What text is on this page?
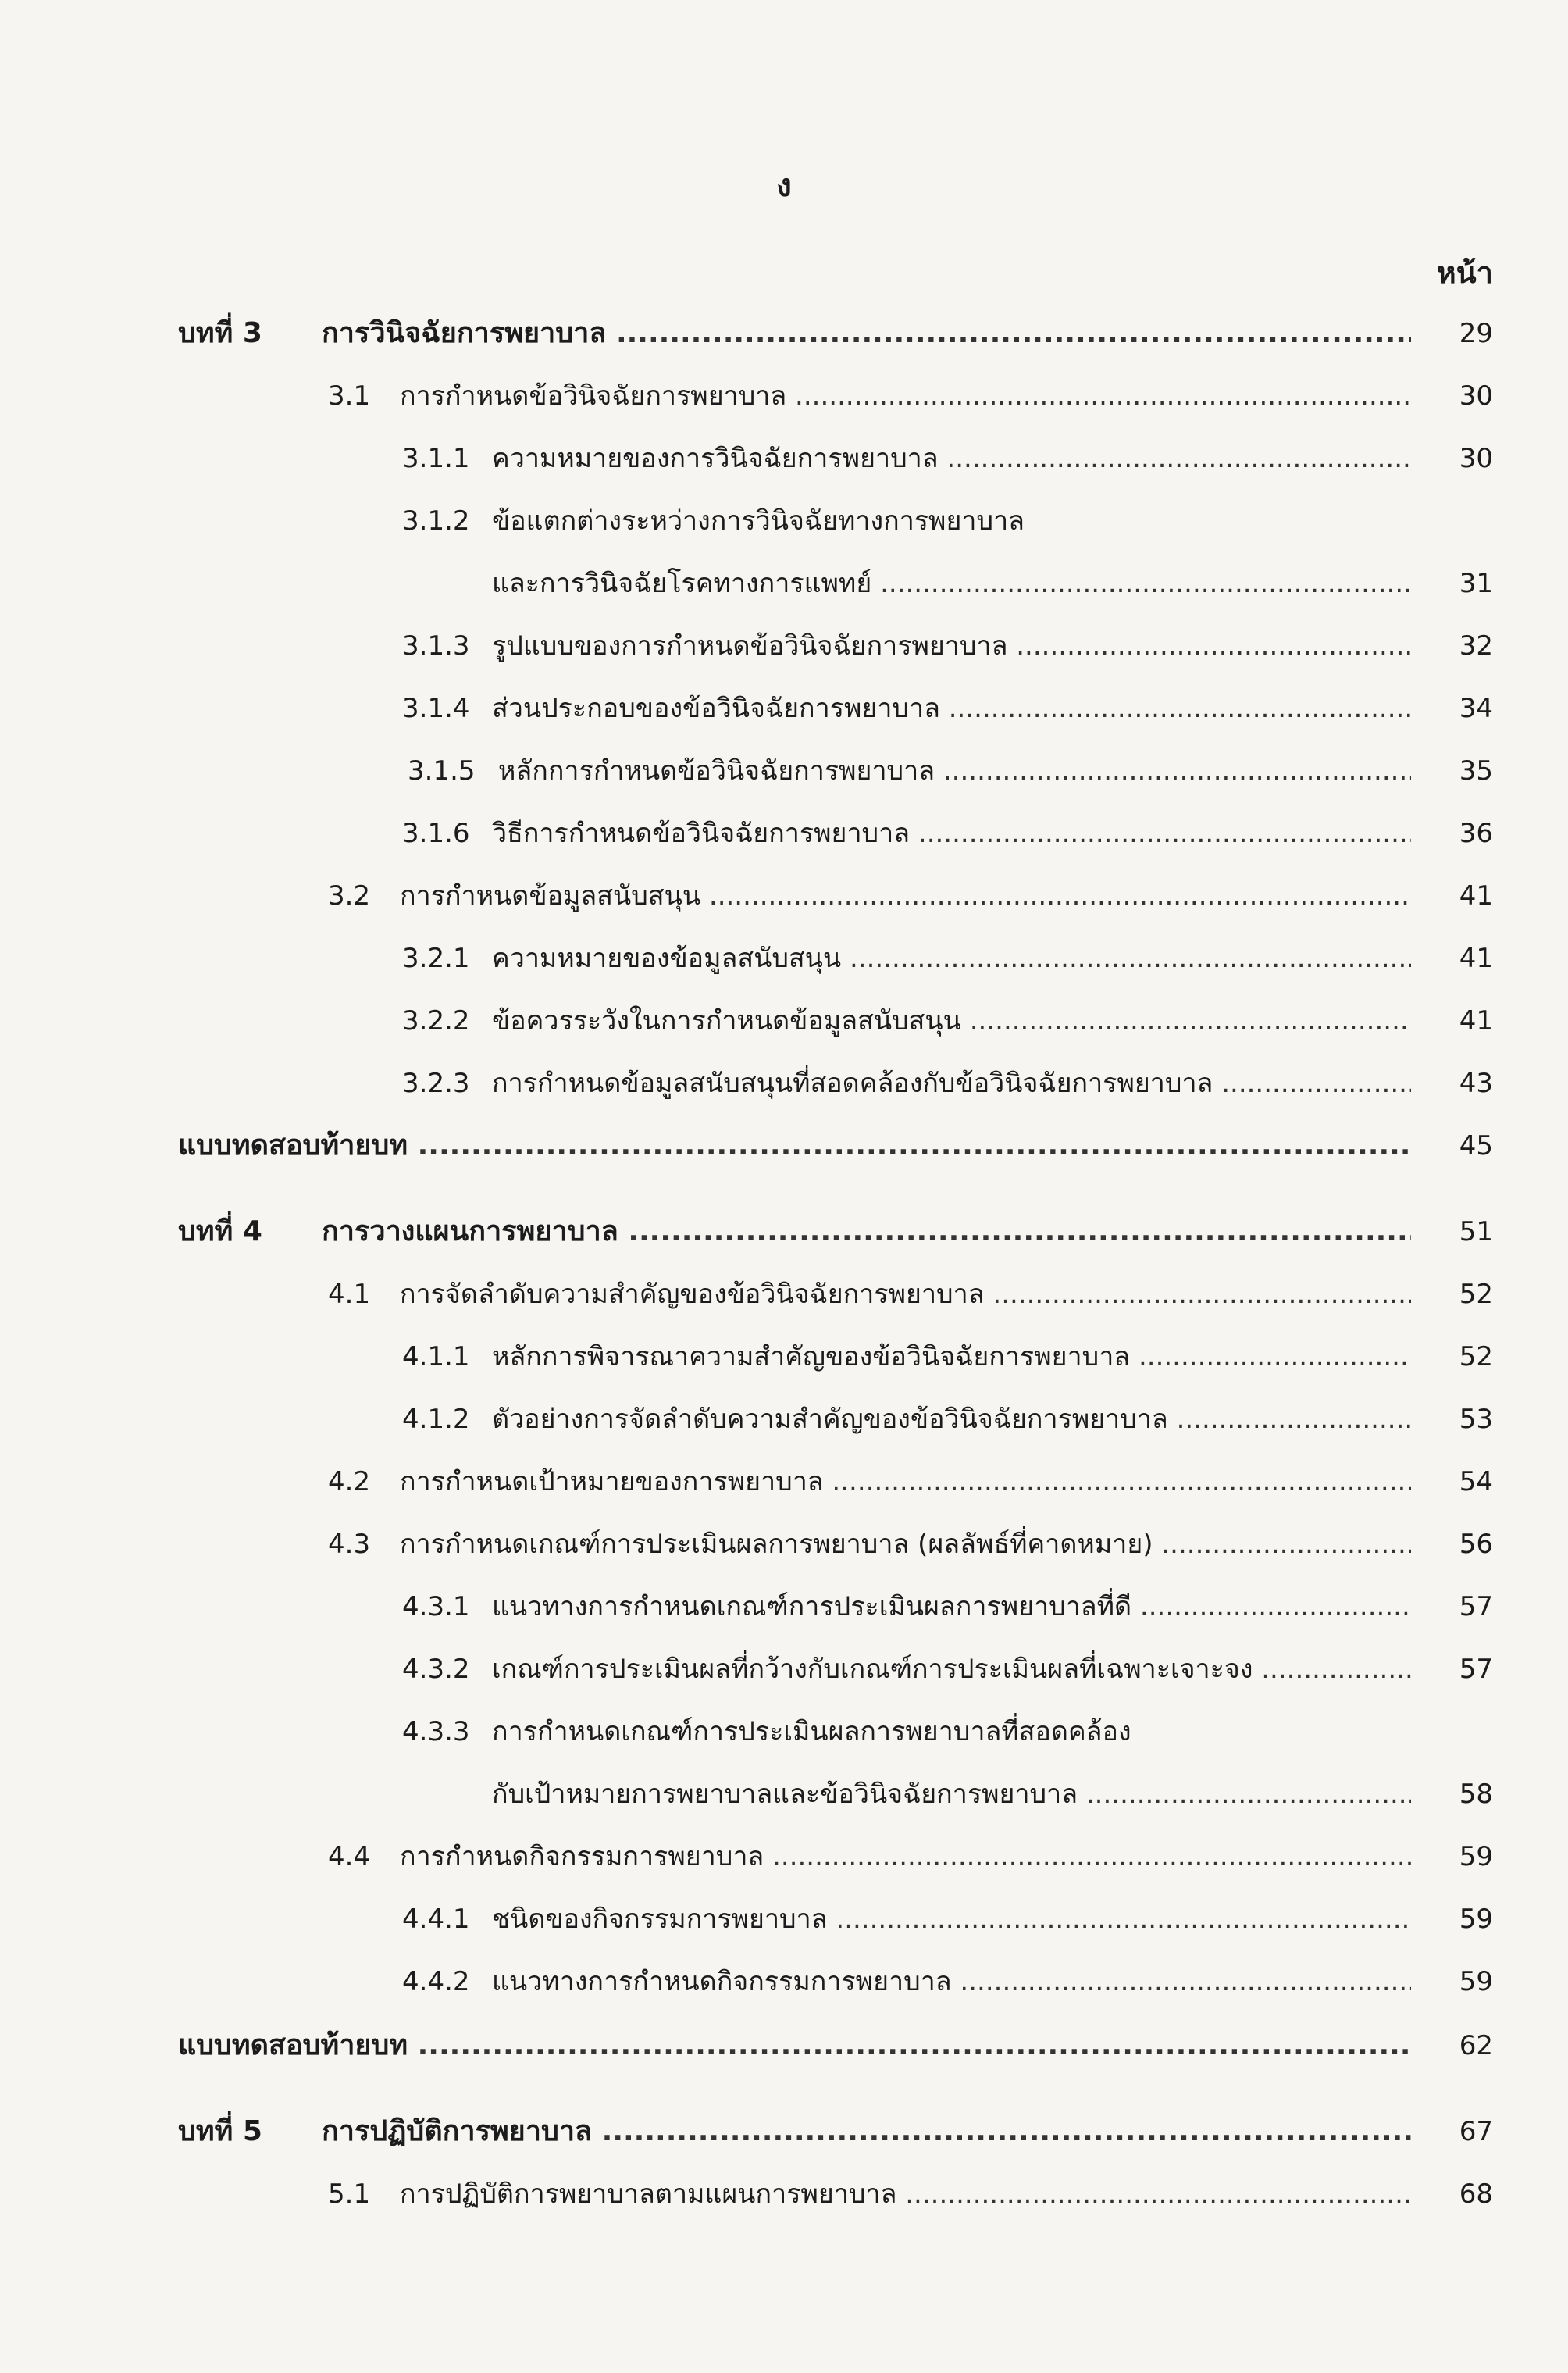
ง
หน้า
บทที่ 3 การวินิจฉัยการพยาบาล .....	29
3.1 การกำหนดข้อวินิจฉัยการพยาบาล .....	30
3.1.1 ความหมายของการวินิจฉัยการพยาบาล .....	30
3.1.2 ข้อแตกต่างระหว่างการวินิจฉัยทางการพยาบาล
และการวินิจฉัยโรคทางการแพทย์ .....	31
3.1.3 รูปแบบของการกำหนดข้อวินิจฉัยการพยาบาล .....	32
3.1.4 ส่วนประกอบของข้อวินิจฉัยการพยาบาล .....	34
3.1.5 หลักการกำหนดข้อวินิจฉัยการพยาบาล .....	35
3.1.6 วิธีการกำหนดข้อวินิจฉัยการพยาบาล .....	36
3.2 การกำหนดข้อมูลสนับสนุน .....	41
3.2.1 ความหมายของข้อมูลสนับสนุน .....	41
3.2.2 ข้อควรระวังในการกำหนดข้อมูลสนับสนุน .....	41
3.2.3 การกำหนดข้อมูลสนับสนุนที่สอดคล้องกับข้อวินิจฉัยการพยาบาล .....	43
แบบทดสอบท้ายบท .....	45
บทที่ 4 การวางแผนการพยาบาล .....	51
4.1 การจัดลำดับความสำคัญของข้อวินิจฉัยการพยาบาล .....	52
4.1.1 หลักการพิจารณาความสำคัญของข้อวินิจฉัยการพยาบาล .....	52
4.1.2 ตัวอย่างการจัดลำดับความสำคัญของข้อวินิจฉัยการพยาบาล .....	53
4.2 การกำหนดเป้าหมายของการพยาบาล .....	54
4.3 การกำหนดเกณฑ์การประเมินผลการพยาบาล (ผลลัพธ์ที่คาดหมาย) .....	56
4.3.1 แนวทางการกำหนดเกณฑ์การประเมินผลการพยาบาลที่ดี .....	57
4.3.2 เกณฑ์การประเมินผลที่กว้างกับเกณฑ์การประเมินผลที่เฉพาะเจาะจง .....	57
4.3.3 การกำหนดเกณฑ์การประเมินผลการพยาบาลที่สอดคล้อง
กับเป้าหมายการพยาบาลและข้อวินิจฉัยการพยาบาล .....	58
4.4 การกำหนดกิจกรรมการพยาบาล .....	59
4.4.1 ชนิดของกิจกรรมการพยาบาล .....	59
4.4.2 แนวทางการกำหนดกิจกรรมการพยาบาล .....	59
แบบทดสอบท้ายบท .....	62
บทที่ 5 การปฏิบัติการพยาบาล .....	67
5.1 การปฏิบัติการพยาบาลตามแผนการพยาบาล .....	68
